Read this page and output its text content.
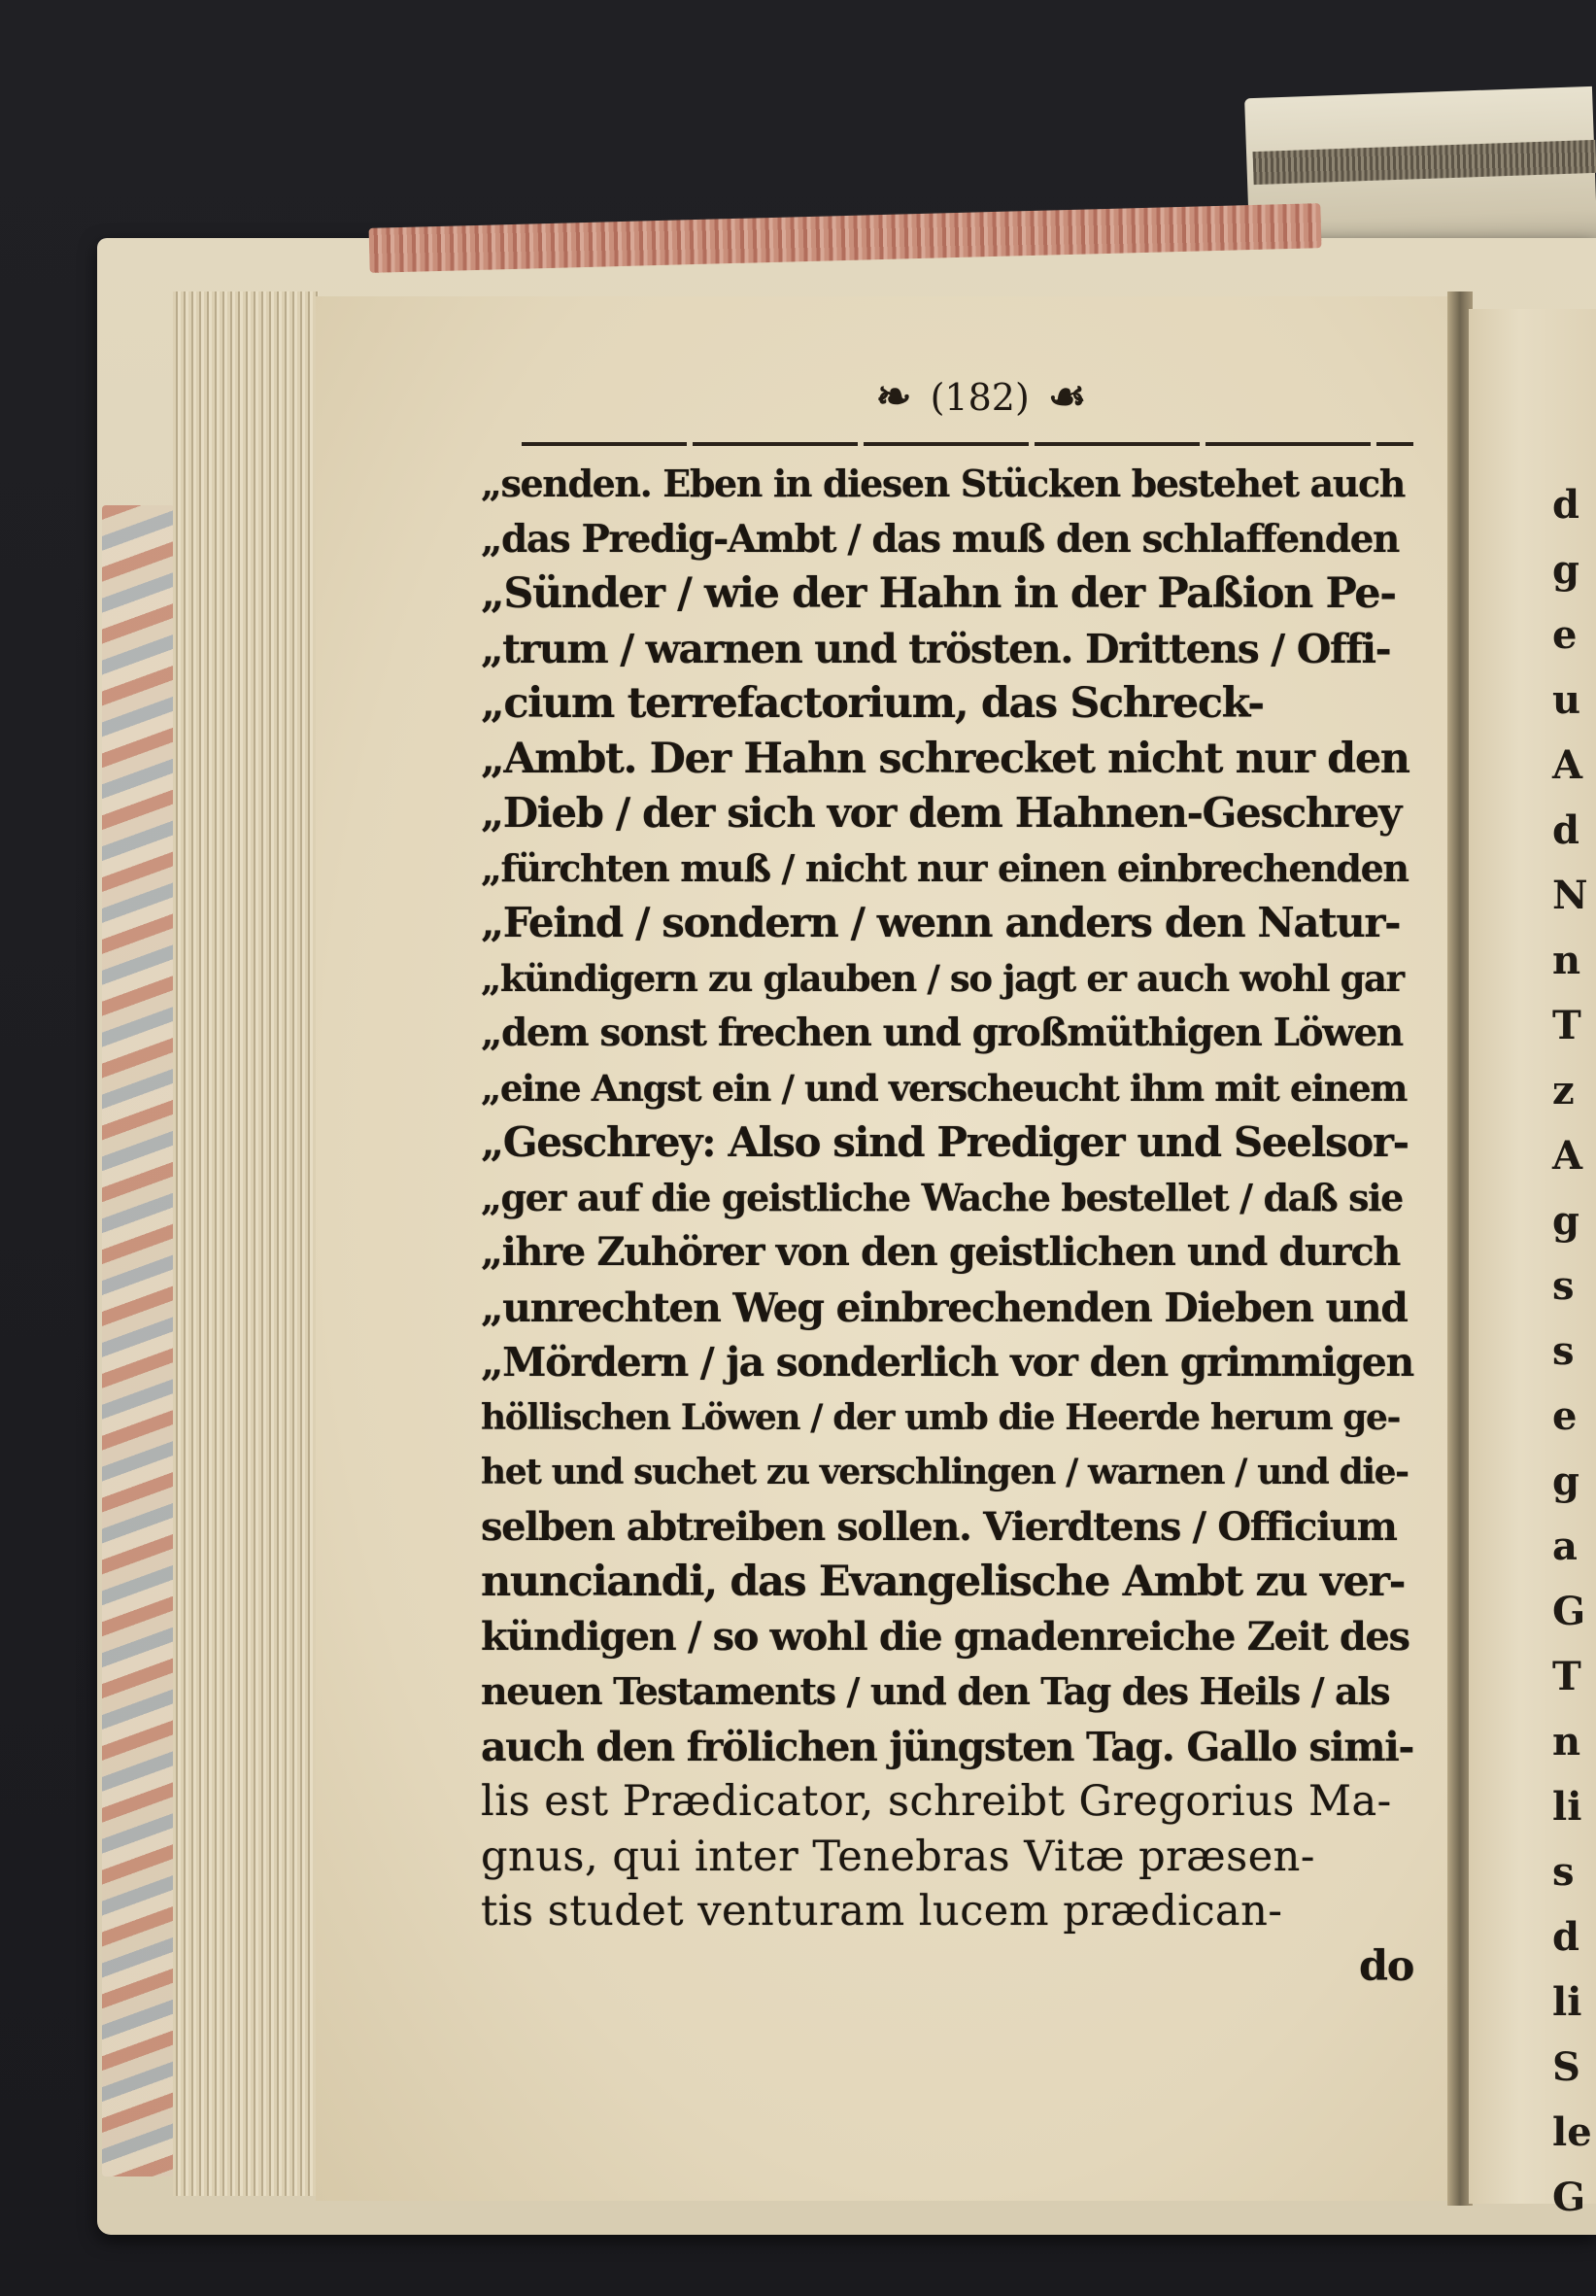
d
g
e
u
A
d
N
n
T
z
A
g
s
s
e
g
a
G
T
n
li
s
d
li
S
le
G
❧ (182) ☙
„senden. Eben in diesen Stücken bestehet auch
„das Predig-Ambt / das muß den schlaffenden
„Sünder / wie der Hahn in der Paßion Pe-
„trum / warnen und trösten. Drittens / Offi-
„cium terrefactorium, das Schreck-
„Ambt. Der Hahn schrecket nicht nur den
„Dieb / der sich vor dem Hahnen-Geschrey
„fürchten muß / nicht nur einen einbrechenden
„Feind / sondern / wenn anders den Natur-
„kündigern zu glauben / so jagt er auch wohl gar
„dem sonst frechen und großmüthigen Löwen
„eine Angst ein / und verscheucht ihm mit einem
„Geschrey: Also sind Prediger und Seelsor-
„ger auf die geistliche Wache bestellet / daß sie
„ihre Zuhörer von den geistlichen und durch
„unrechten Weg einbrechenden Dieben und
„Mördern / ja sonderlich vor den grimmigen
höllischen Löwen / der umb die Heerde herum ge-
het und suchet zu verschlingen / warnen / und die-
selben abtreiben sollen. Vierdtens / Officium
nunciandi, das Evangelische Ambt zu ver-
kündigen / so wohl die gnadenreiche Zeit des
neuen Testaments / und den Tag des Heils / als
auch den frölichen jüngsten Tag. Gallo simi-
lis est Prædicator, schreibt Gregorius Ma-
gnus, qui inter Tenebras Vitæ præsen-
tis studet venturam lucem prædican-
do
